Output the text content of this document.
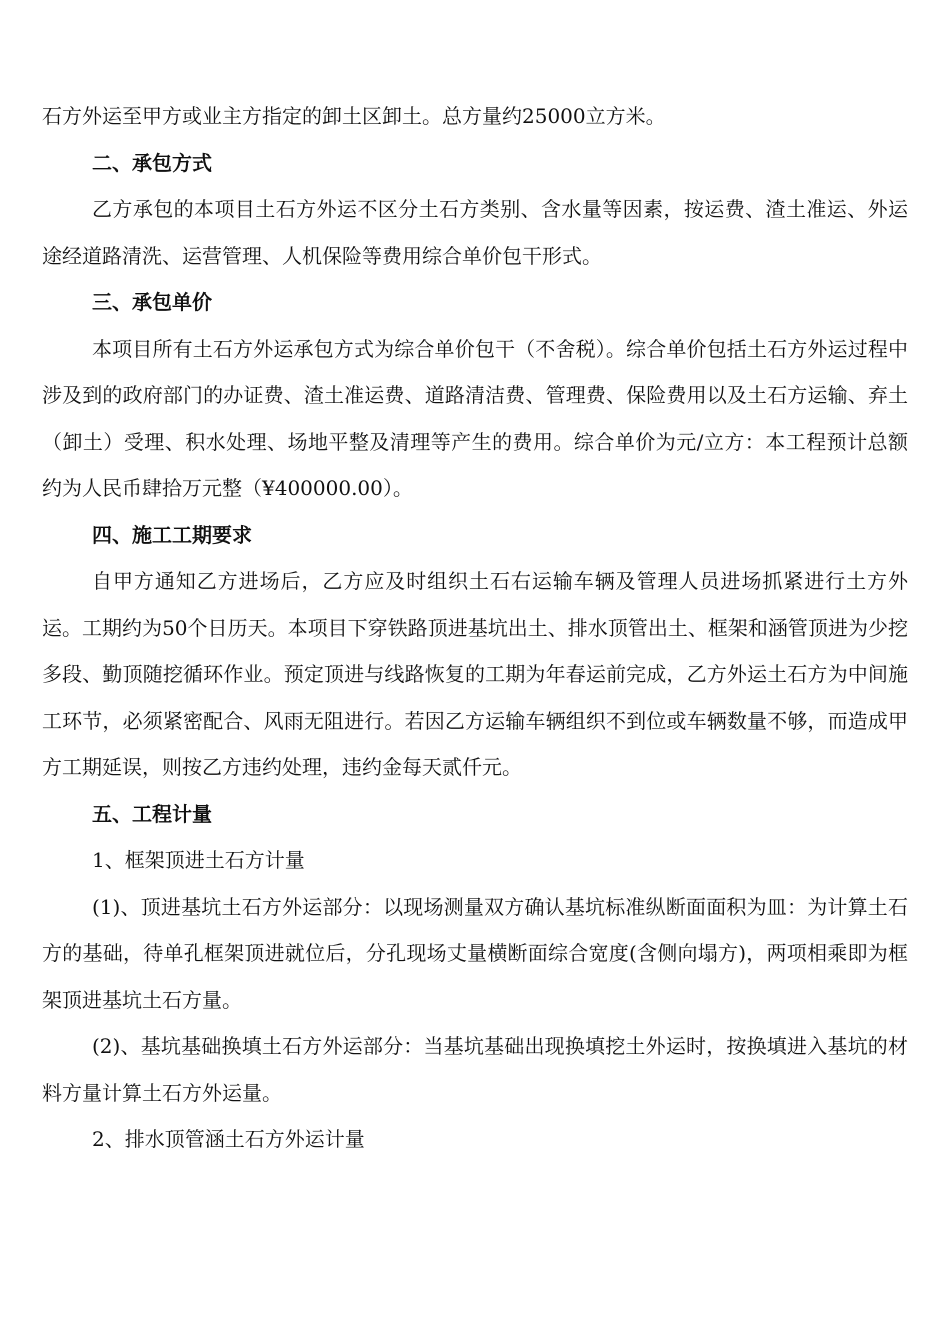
石方外运至甲方或业主方指定的卸土区卸土。总方量约25000立方米。

二、承包方式

乙方承包的本项目土石方外运不区分土石方类别、含水量等因素，按运费、渣土准运、外运途经道路清洗、运营管理、人机保险等费用综合单价包干形式。

三、承包单价

本项目所有土石方外运承包方式为综合单价包干（不舍税）。综合单价包括土石方外运过程中涉及到的政府部门的办证费、渣土准运费、道路清洁费、管理费、保险费用以及土石方运输、弃土（卸土）受理、积水处理、场地平整及清理等产生的费用。综合单价为元/立方：本工程预计总额约为人民币肆拾万元整（¥400000.00）。

四、施工工期要求

自甲方通知乙方进场后，乙方应及时组织土石右运输车辆及管理人员进场抓紧进行土方外运。工期约为50个日历天。本项目下穿铁路顶进基坑出土、排水顶管出土、框架和涵管顶进为少挖多段、勤顶随挖循环作业。预定顶进与线路恢复的工期为年春运前完成，乙方外运土石方为中间施工环节，必须紧密配合、风雨无阻进行。若因乙方运输车辆组织不到位或车辆数量不够，而造成甲方工期延误，则按乙方违约处理，违约金每天贰仟元。

五、工程计量

1、框架顶进土石方计量

(1)、顶进基坑土石方外运部分：以现场测量双方确认基坑标准纵断面面积为皿：为计算土石方的基础，待单孔框架顶进就位后，分孔现场丈量横断面综合宽度(含侧向塌方)，两项相乘即为框架顶进基坑土石方量。

(2)、基坑基础换填土石方外运部分：当基坑基础出现换填挖土外运时，按换填进入基坑的材料方量计算土石方外运量。

2、排水顶管涵土石方外运计量
